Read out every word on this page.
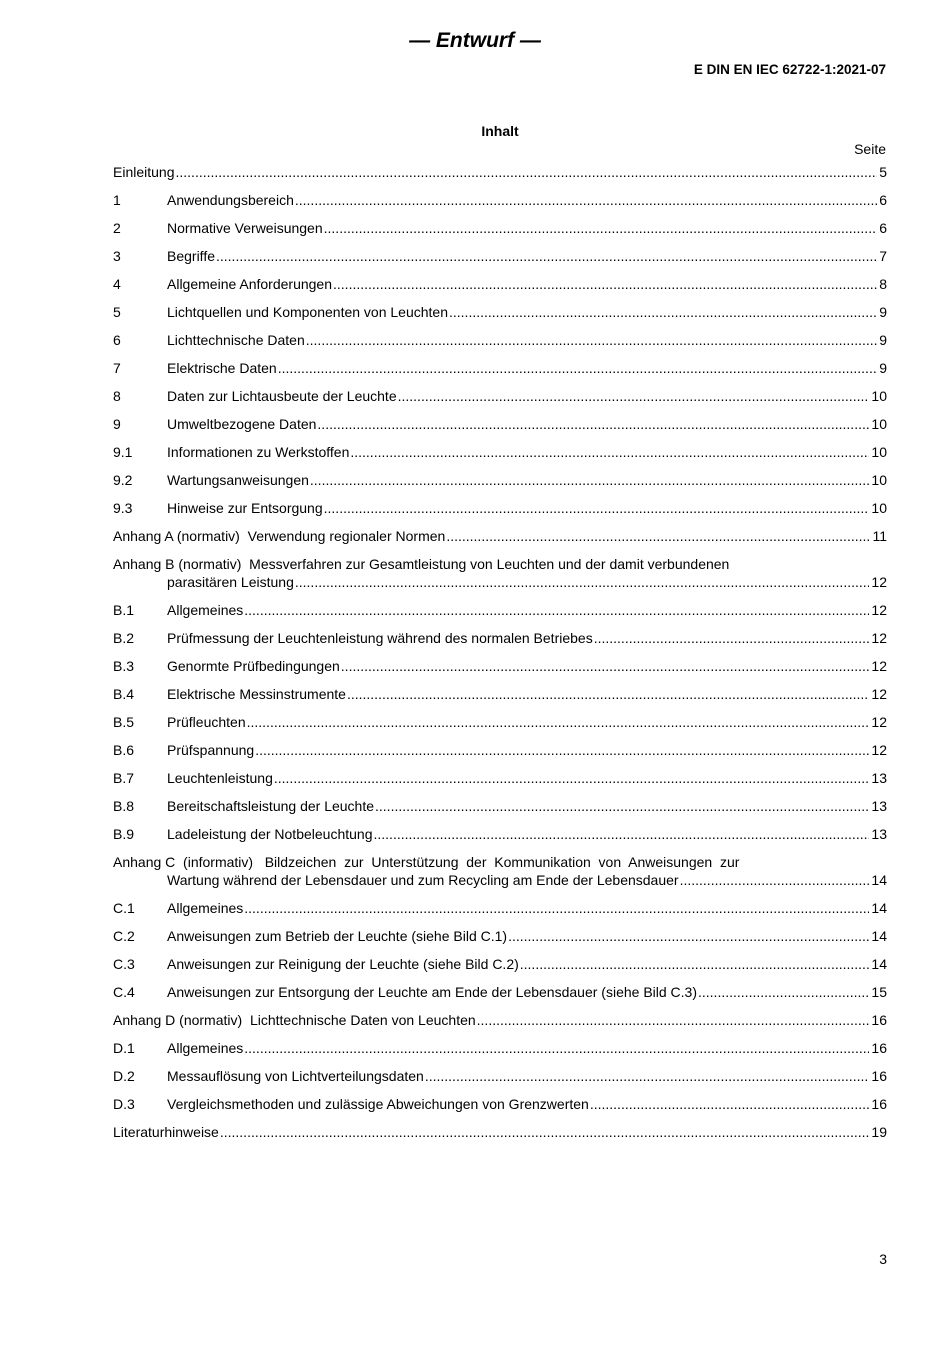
— Entwurf —
E DIN EN IEC 62722-1:2021-07
Inhalt
Seite
Einleitung .....	5
1	Anwendungsbereich .....	6
2	Normative Verweisungen .....	6
3	Begriffe .....	7
4	Allgemeine Anforderungen .....	8
5	Lichtquellen und Komponenten von Leuchten .....	9
6	Lichttechnische Daten .....	9
7	Elektrische Daten .....	9
8	Daten zur Lichtausbeute der Leuchte .....	10
9	Umweltbezogene Daten .....	10
9.1 Informationen zu Werkstoffen .....	10
9.2 Wartungsanweisungen .....	10
9.3 Hinweise zur Entsorgung .....	10
Anhang A (normativ)  Verwendung regionaler Normen .....	11
Anhang B (normativ)  Messverfahren zur Gesamtleistung von Leuchten und der damit verbundenen
parasitären Leistung .....	12
B.1 Allgemeines .....	12
B.2 Prüfmessung der Leuchtenleistung während des normalen Betriebes .....	12
B.3 Genormte Prüfbedingungen .....	12
B.4 Elektrische Messinstrumente .....	12
B.5 Prüfleuchten .....	12
B.6 Prüfspannung .....	12
B.7 Leuchtenleistung .....	13
B.8 Bereitschaftsleistung der Leuchte .....	13
B.9 Ladeleistung der Notbeleuchtung .....	13
Anhang C  (informativ)   Bildzeichen  zur  Unterstützung  der  Kommunikation  von  Anweisungen  zur
Wartung während der Lebensdauer und zum Recycling am Ende der Lebensdauer .....	14
C.1 Allgemeines .....	14
C.2 Anweisungen zum Betrieb der Leuchte (siehe Bild C.1) .....	14
C.3 Anweisungen zur Reinigung der Leuchte (siehe Bild C.2) .....	14
C.4 Anweisungen zur Entsorgung der Leuchte am Ende der Lebensdauer (siehe Bild C.3) .....	15
Anhang D (normativ)  Lichttechnische Daten von Leuchten .....	16
D.1 Allgemeines .....	16
D.2 Messauflösung von Lichtverteilungsdaten .....	16
D.3 Vergleichsmethoden und zulässige Abweichungen von Grenzwerten .....	16
Literaturhinweise .....	19
3
